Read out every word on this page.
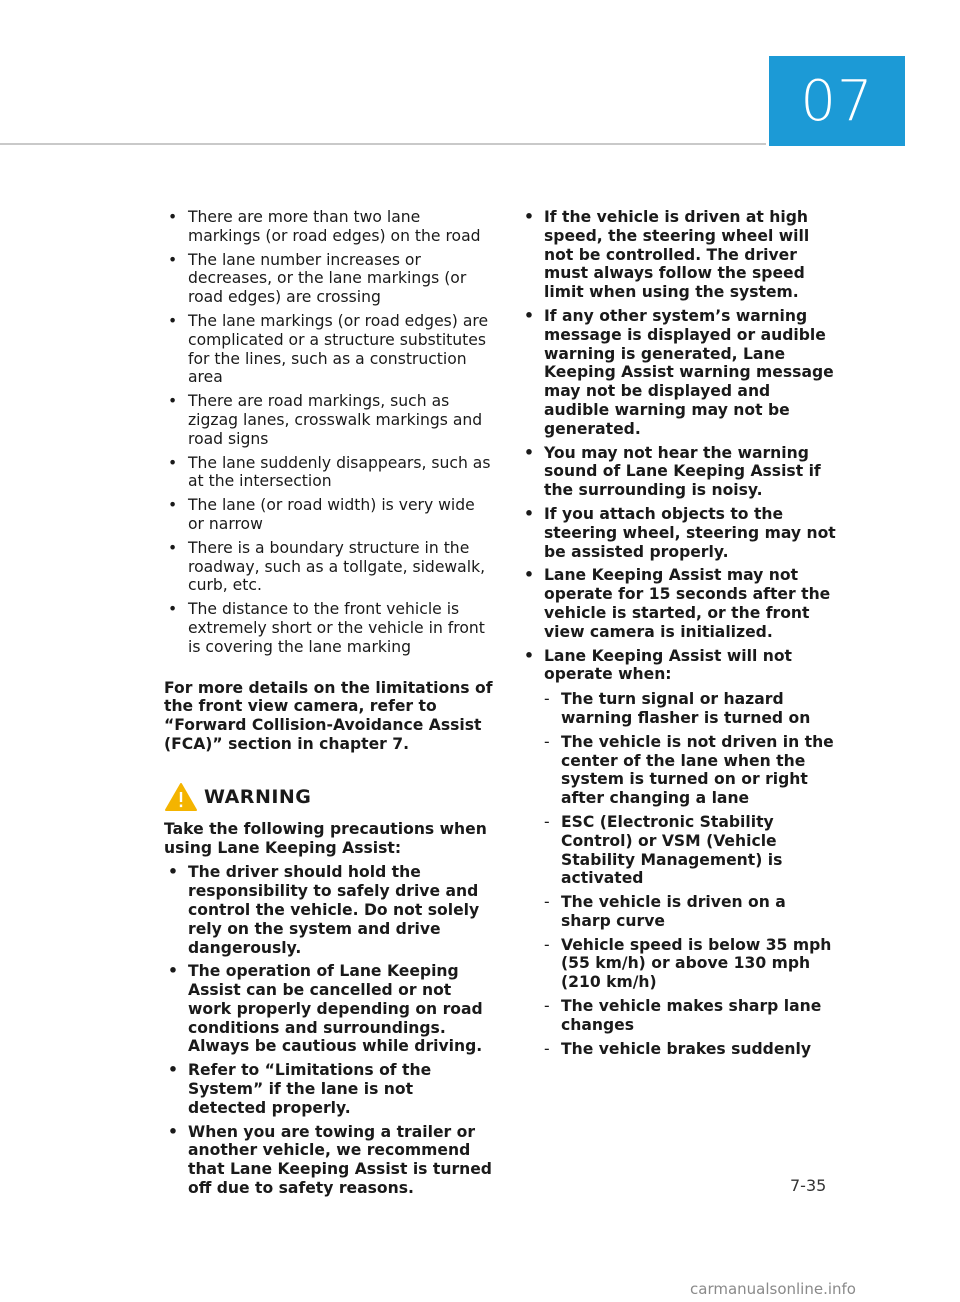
07
• There are more than two lane markings (or road edges) on the road
• The lane number increases or decreases, or the lane markings (or road edges) are crossing
• The lane markings (or road edges) are complicated or a structure substitutes for the lines, such as a construction area
• There are road markings, such as zigzag lanes, crosswalk markings and road signs
• The lane suddenly disappears, such as at the intersection
• The lane (or road width) is very wide or narrow
• There is a boundary structure in the roadway, such as a tollgate, sidewalk, curb, etc.
• The distance to the front vehicle is extremely short or the vehicle in front is covering the lane marking

For more details on the limitations of the front view camera, refer to “Forward Collision-Avoidance Assist (FCA)” section in chapter 7.

WARNING

Take the following precautions when using Lane Keeping Assist:

• The driver should hold the responsibility to safely drive and control the vehicle. Do not solely rely on the system and drive dangerously.
• The operation of Lane Keeping Assist can be cancelled or not work properly depending on road conditions and surroundings. Always be cautious while driving.
• Refer to “Limitations of the System” if the lane is not detected properly.
• When you are towing a trailer or another vehicle, we recommend that Lane Keeping Assist is turned off due to safety reasons.
• If the vehicle is driven at high speed, the steering wheel will not be controlled. The driver must always follow the speed limit when using the system.
• If any other system’s warning message is displayed or audible warning is generated, Lane Keeping Assist warning message may not be displayed and audible warning may not be generated.
• You may not hear the warning sound of Lane Keeping Assist if the surrounding is noisy.
• If you attach objects to the steering wheel, steering may not be assisted properly.
• Lane Keeping Assist may not operate for 15 seconds after the vehicle is started, or the front view camera is initialized.
• Lane Keeping Assist will not operate when:
- The turn signal or hazard warning flasher is turned on
- The vehicle is not driven in the center of the lane when the system is turned on or right after changing a lane
- ESC (Electronic Stability Control) or VSM (Vehicle Stability Management) is activated
- The vehicle is driven on a sharp curve
- Vehicle speed is below 35 mph (55 km/h) or above 130 mph (210 km/h)
- The vehicle makes sharp lane changes
- The vehicle brakes suddenly
7-35
carmanualsonline.info
